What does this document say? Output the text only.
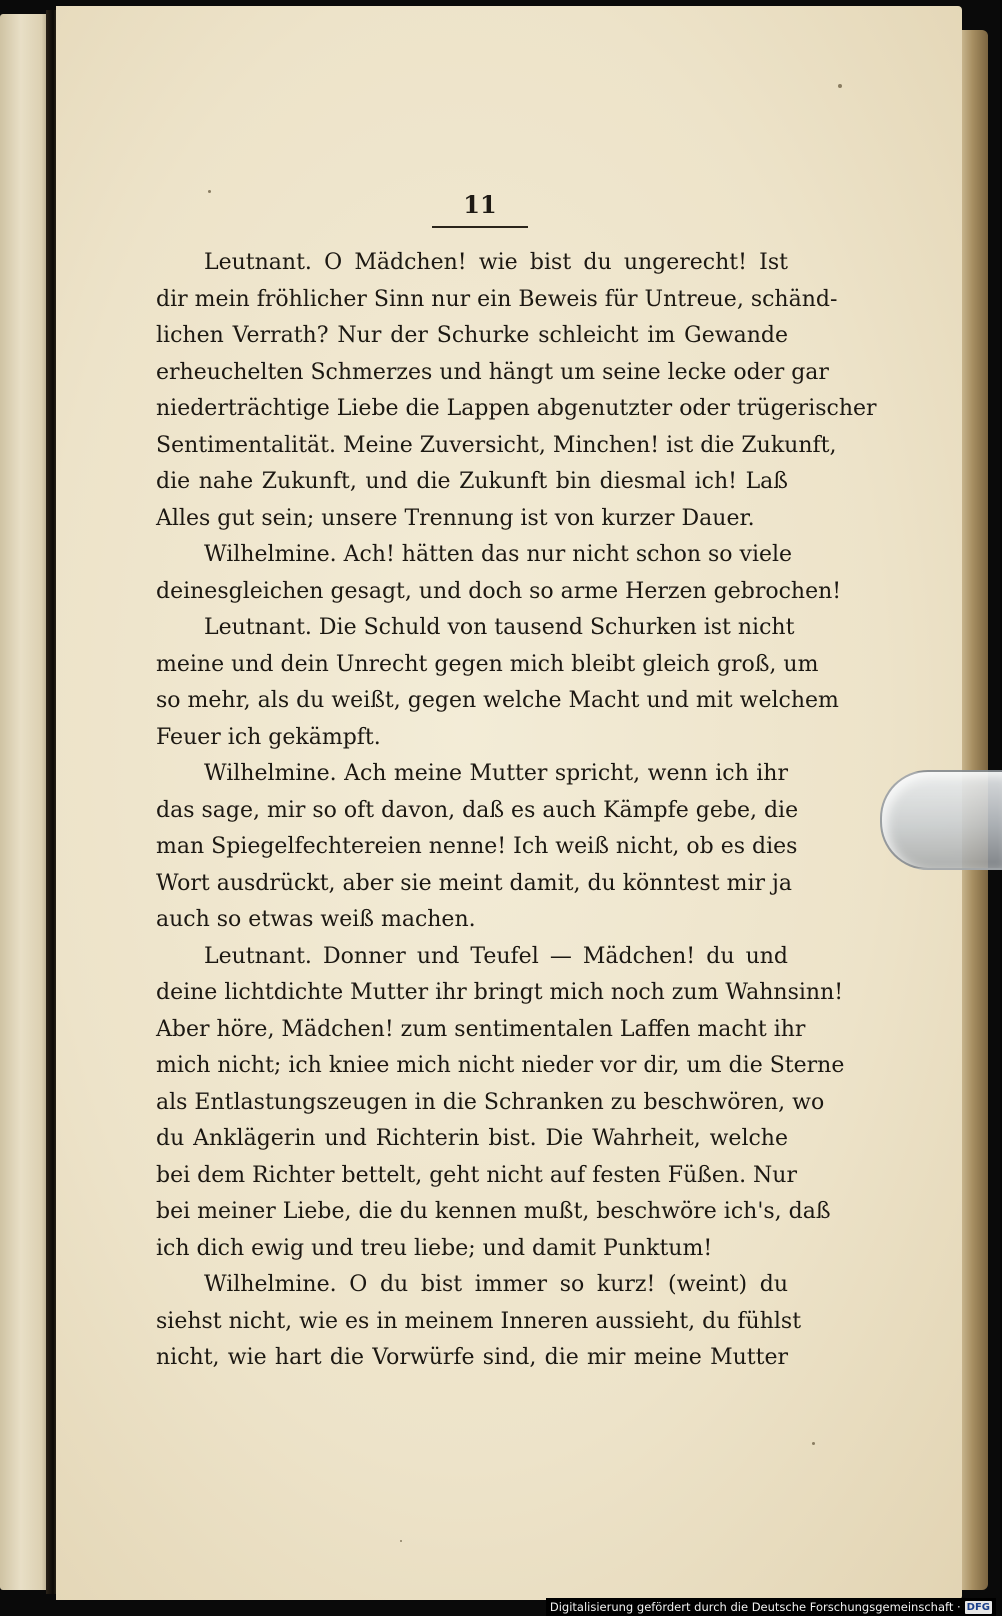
11
Leutnant. O Mädchen! wie bist du ungerecht! Ist
dir mein fröhlicher Sinn nur ein Beweis für Untreue, schänd-
lichen Verrath? Nur der Schurke schleicht im Gewande
erheuchelten Schmerzes und hängt um seine lecke oder gar
niederträchtige Liebe die Lappen abgenutzter oder trügerischer
Sentimentalität. Meine Zuversicht, Minchen! ist die Zukunft,
die nahe Zukunft, und die Zukunft bin diesmal ich! Laß
Alles gut sein; unsere Trennung ist von kurzer Dauer.
Wilhelmine. Ach! hätten das nur nicht schon so viele
deinesgleichen gesagt, und doch so arme Herzen gebrochen!
Leutnant. Die Schuld von tausend Schurken ist nicht
meine und dein Unrecht gegen mich bleibt gleich groß, um
so mehr, als du weißt, gegen welche Macht und mit welchem
Feuer ich gekämpft.
Wilhelmine. Ach meine Mutter spricht, wenn ich ihr
das sage, mir so oft davon, daß es auch Kämpfe gebe, die
man Spiegelfechtereien nenne! Ich weiß nicht, ob es dies
Wort ausdrückt, aber sie meint damit, du könntest mir ja
auch so etwas weiß machen.
Leutnant. Donner und Teufel — Mädchen! du und
deine lichtdichte Mutter ihr bringt mich noch zum Wahnsinn!
Aber höre, Mädchen! zum sentimentalen Laffen macht ihr
mich nicht; ich kniee mich nicht nieder vor dir, um die Sterne
als Entlastungszeugen in die Schranken zu beschwören, wo
du Anklägerin und Richterin bist. Die Wahrheit, welche
bei dem Richter bettelt, geht nicht auf festen Füßen. Nur
bei meiner Liebe, die du kennen mußt, beschwöre ich's, daß
ich dich ewig und treu liebe; und damit Punktum!
Wilhelmine. O du bist immer so kurz! (weint) du
siehst nicht, wie es in meinem Inneren aussieht, du fühlst
nicht, wie hart die Vorwürfe sind, die mir meine Mutter
Digitalisierung gefördert durch die Deutsche Forschungsgemeinschaft · DFG
